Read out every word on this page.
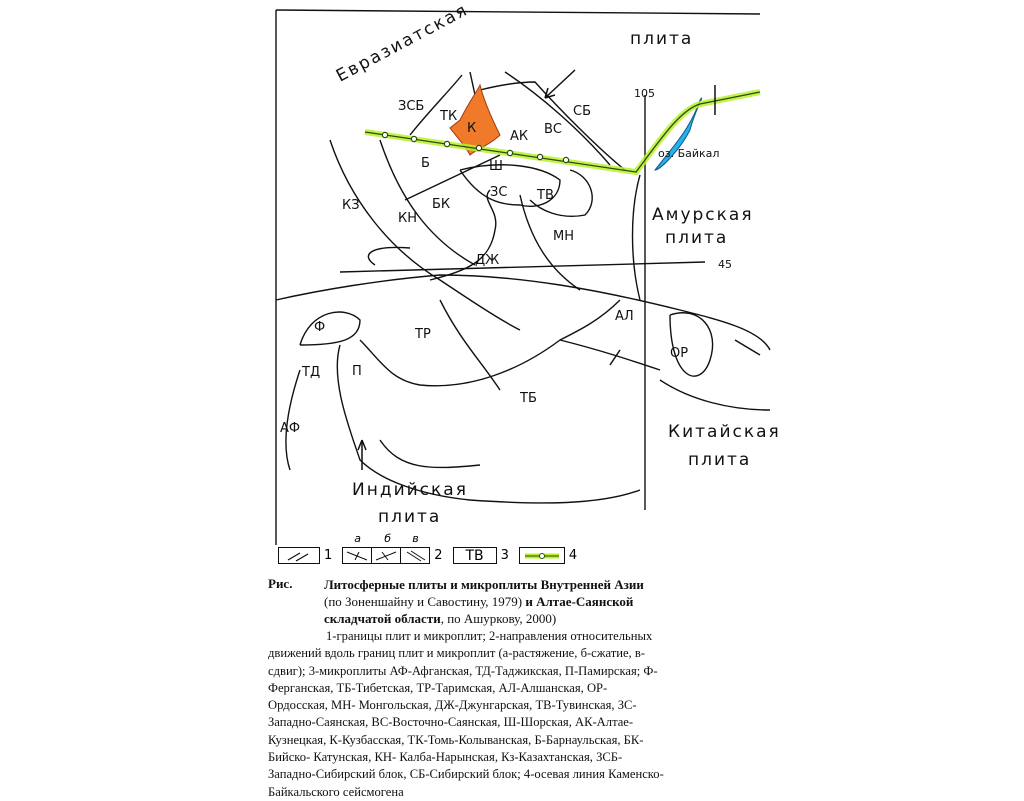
Евразиатская	плита
Амурская
плита
Китайская
плита
Индийская
плита
105
45
оз. Байкал
ЗСБ
ТК
К
АК ВС
СБ
Б	Ш
ЗС ТВ
КЗ
КН
БК
МН
ДЖ
Ф	ТР
ТД П
АЛ
ОР
ТБ
АФ
1
а б в
2	ТВ	3	4
Рис. Литосферные плиты и микроплиты Внутренней Азии (по Зоненшайну и Савостину, 1979) и Алтае-Саянской складчатой области, по Ашуркову, 2000)
1-границы плит и микроплит; 2-направления относительных движений вдоль границ плит и микроплит (а-растяжение, б-сжатие, в- сдвиг); 3-микроплиты АФ-Афганская, ТД-Таджикская, П-Памирская; Ф-Ферганская, ТБ-Тибетская, ТР-Таримская, АЛ-Алшанская, ОР- Ордосская, МН- Монгольская, ДЖ-Джунгарская, ТВ-Тувинская, ЗС-Западно-Саянская, ВС-Восточно-Саянская, Ш-Шорская, АК-Алтае-Кузнецкая, К-Кузбасская, ТК-Томь-Колыванская, Б-Барнаульская, БК-Бийско- Катунская, КН- Калба-Нарынская, Кз-Казахтанская, ЗСБ-Западно-Сибирский блок, СБ-Сибирский блок; 4-осевая линия Каменско-Байкальского сейсмогена
